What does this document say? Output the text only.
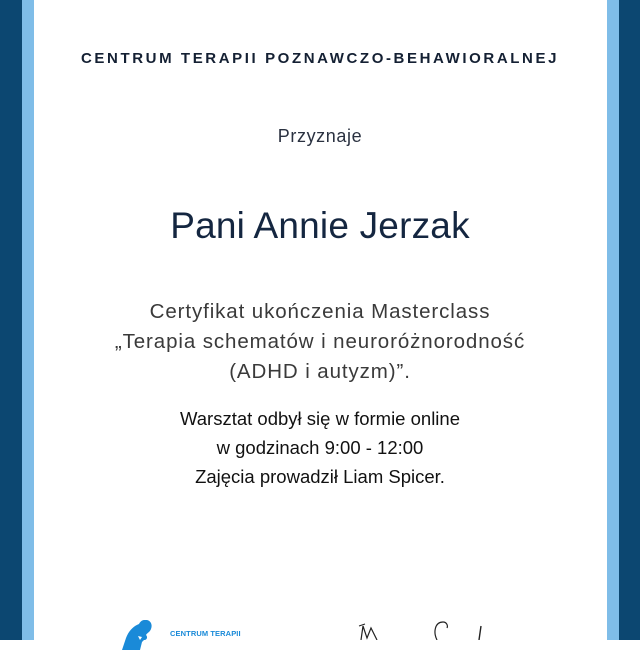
CENTRUM TERAPII POZNAWCZO-BEHAWIORALNEJ
Przyznaje
Pani Annie Jerzak
Certyfikat ukończenia Masterclass
„Terapia schematów i neuroróżnorodność
(ADHD i autyzm)”.
Warsztat odbył się w formie online
w godzinach 9:00 - 12:00
Zajęcia prowadził Liam Spicer.
CENTRUM TERAPII
